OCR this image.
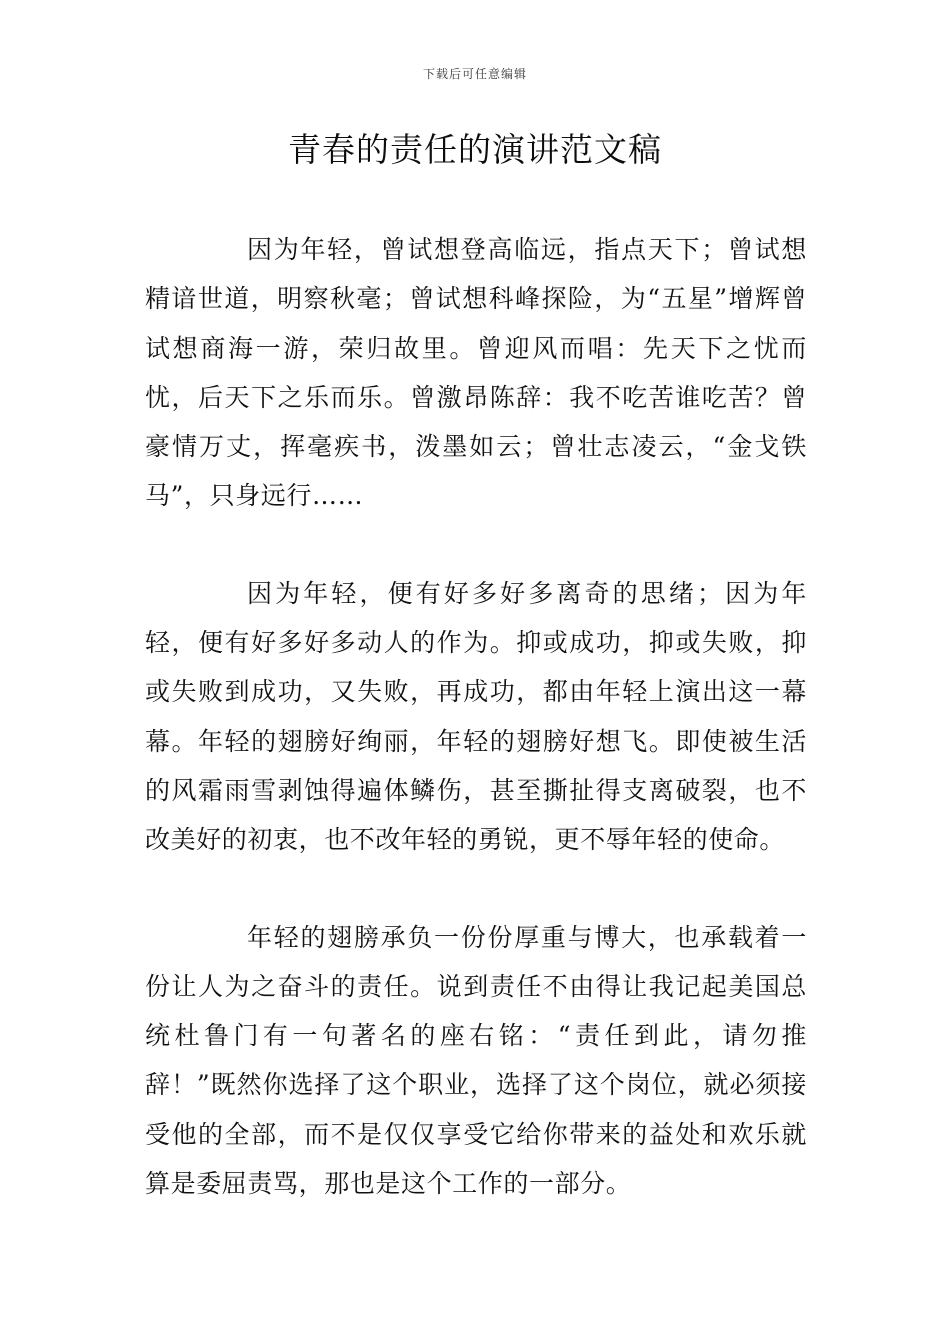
下载后可任意编辑
青春的责任的演讲范文稿

因为年轻，曾试想登高临远，指点天下；曾试想精谙世道，明察秋毫；曾试想科峰探险，为“五星”增辉曾试想商海一游，荣归故里。曾迎风而唱：先天下之忧而忧，后天下之乐而乐。曾激昂陈辞：我不吃苦谁吃苦？曾豪情万丈，挥毫疾书，泼墨如云；曾壮志凌云，“金戈铁马”，只身远行……

因为年轻，便有好多好多离奇的思绪；因为年轻，便有好多好多动人的作为。抑或成功，抑或失败，抑或失败到成功，又失败，再成功，都由年轻上演出这一幕幕。年轻的翅膀好绚丽，年轻的翅膀好想飞。即使被生活的风霜雨雪剥蚀得遍体鳞伤，甚至撕扯得支离破裂，也不改美好的初衷，也不改年轻的勇锐，更不辱年轻的使命。

年轻的翅膀承负一份份厚重与博大，也承载着一份让人为之奋斗的责任。说到责任不由得让我记起美国总统杜鲁门有一句著名的座右铭：“责任到此，请勿推辞！”既然你选择了这个职业，选择了这个岗位，就必须接受他的全部，而不是仅仅享受它给你带来的益处和欢乐就算是委屈责骂，那也是这个工作的一部分。
